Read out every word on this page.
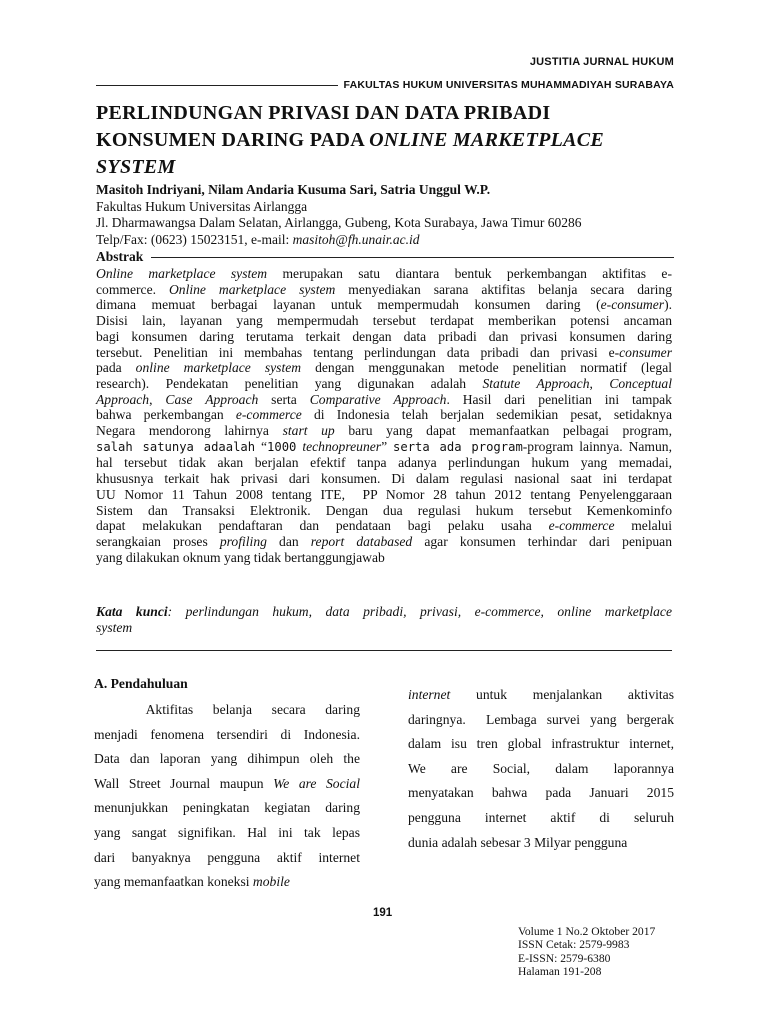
JUSTITIA JURNAL HUKUM
FAKULTAS HUKUM UNIVERSITAS MUHAMMADIYAH SURABAYA
PERLINDUNGAN PRIVASI DAN DATA PRIBADI
KONSUMEN DARING PADA ONLINE MARKETPLACE
SYSTEM
Masitoh Indriyani, Nilam Andaria Kusuma Sari, Satria Unggul W.P.
Fakultas Hukum Universitas Airlangga
Jl. Dharmawangsa Dalam Selatan, Airlangga, Gubeng, Kota Surabaya, Jawa Timur 60286
Telp/Fax: (0623) 15023151, e-mail: masitoh@fh.unair.ac.id
Abstrak
Online marketplace system merupakan satu diantara bentuk perkembangan aktifitas e-
commerce. Online marketplace system menyediakan sarana aktifitas belanja secara daring
dimana memuat berbagai layanan untuk mempermudah konsumen daring (e-consumer).
Disisi lain, layanan yang mempermudah tersebut terdapat memberikan potensi ancaman
bagi konsumen daring terutama terkait dengan data pribadi dan privasi konsumen daring
tersebut. Penelitian ini membahas tentang perlindungan data pribadi dan privasi e-consumer
pada online marketplace system dengan menggunakan metode penelitian normatif (legal
research). Pendekatan penelitian yang digunakan adalah Statute Approach, Conceptual
Approach, Case Approach serta Comparative Approach. Hasil dari penelitian ini tampak
bahwa perkembangan e-commerce di Indonesia telah berjalan sedemikian pesat, setidaknya
Negara mendorong lahirnya start up baru yang dapat memanfaatkan pelbagai program,
salah satunya adaalah “1000 technopreuner” serta ada program-program lainnya. Namun,
hal tersebut tidak akan berjalan efektif tanpa adanya perlindungan hukum yang memadai,
khususnya terkait hak privasi dari konsumen. Di dalam regulasi nasional saat ini terdapat
UU Nomor 11 Tahun 2008 tentang ITE,  PP Nomor 28 tahun 2012 tentang Penyelenggaraan
Sistem dan Transaksi Elektronik. Dengan dua regulasi hukum tersebut Kemenkominfo
dapat melakukan pendaftaran dan pendataan bagi pelaku usaha e-commerce melalui
serangkaian proses profiling dan report databased agar konsumen terhindar dari penipuan
yang dilakukan oknum yang tidak bertanggungjawab
Kata kunci: perlindungan hukum, data pribadi, privasi, e-commerce, online marketplace
system
A. Pendahuluan
Aktifitas   belanja   secara   daring
menjadi fenomena tersendiri di Indonesia.
Data dan laporan yang dihimpun oleh the
Wall Street Journal maupun We are Social
menunjukkan peningkatan kegiatan daring
yang sangat signifikan. Hal ini tak lepas
dari banyaknya pengguna aktif internet
yang memanfaatkan koneksi mobile
internet    untuk    menjalankan    aktivitas
daringnya.  Lembaga survei yang bergerak
dalam isu tren global infrastruktur internet,
We    are    Social,    dalam    laporannya
menyatakan bahwa pada Januari 2015
pengguna    internet    aktif    di    seluruh
dunia adalah sebesar 3 Milyar pengguna
191
Volume 1 No.2 Oktober 2017
ISSN Cetak: 2579-9983
E-ISSN: 2579-6380
Halaman 191-208
